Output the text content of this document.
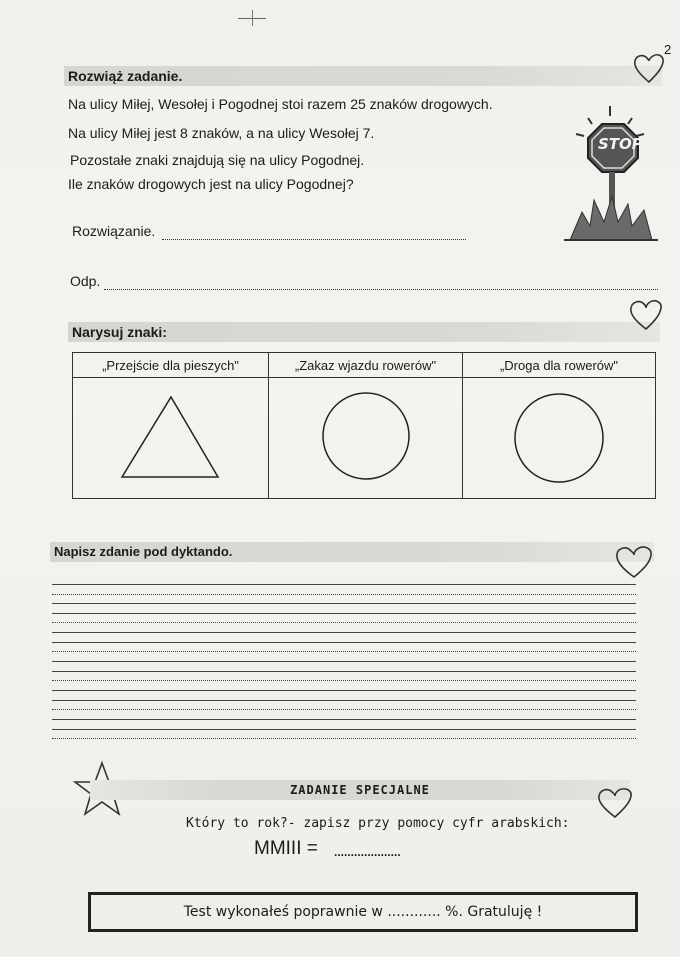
2
Rozwiąż zadanie.
Na ulicy Miłej, Wesołej i Pogodnej stoi razem 25 znaków drogowych.
Na ulicy Miłej jest 8 znaków, a na ulicy Wesołej 7.
Pozostałe znaki znajdują się na ulicy Pogodnej.
Ile znaków drogowych jest na ulicy Pogodnej?
STOP
Rozwiązanie.
Odp.
Narysuj znaki:
„Przejście dla pieszych"	„Zakaz wjazdu rowerów"	„Droga dla rowerów"

Napisz zdanie pod dyktando.
ZADANIE SPECJALNE
Który to rok?- zapisz przy pomocy cyfr arabskich:
MMIII = ....................
Test wykonałeś poprawnie w ............ %. Gratuluję !
